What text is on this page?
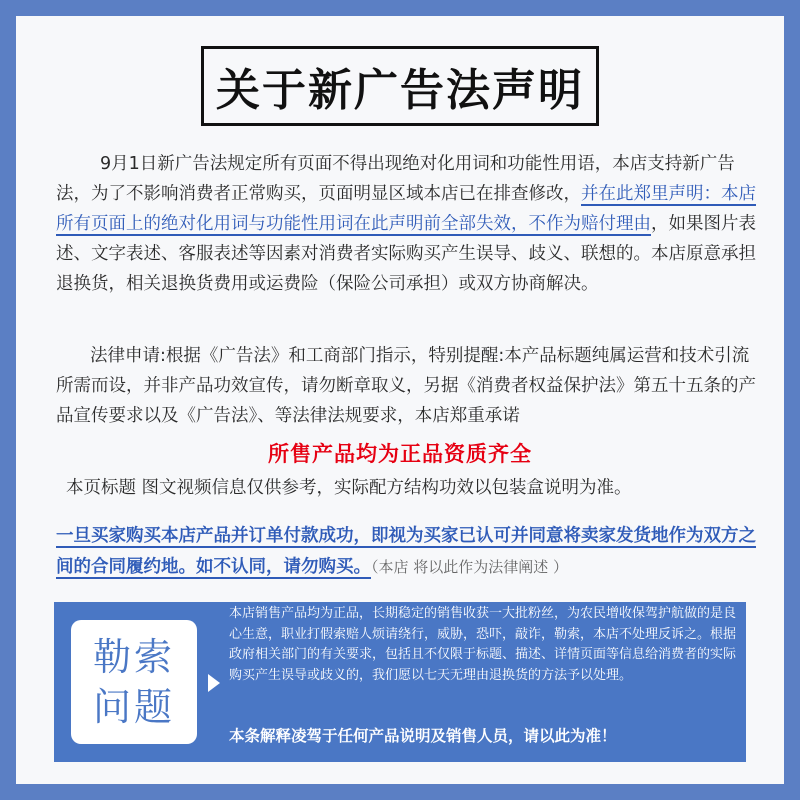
关于新广告法声明
9月1日新广告法规定所有页面不得出现绝对化用词和功能性用语，本店支持新广告法，为了不影响消费者正常购买，页面明显区域本店已在排查修改，并在此郑里声明：本店所有页面上的绝对化用词与功能性用词在此声明前全部失效，不作为赔付理由，如果图片表述、文字表述、客服表述等因素对消费者实际购买产生误导、歧义、联想的。本店原意承担退换货，相关退换货费用或运费险（保险公司承担）或双方协商解决。
法律申请:根据《广告法》和工商部门指示，特别提醒:本产品标题纯属运营和技术引流所需而设，并非产品功效宣传，请勿断章取义，另据《消费者权益保护法》第五十五条的产品宣传要求以及《广告法》、等法律法规要求，本店郑重承诺
所售产品均为正品资质齐全
本页标题 图文视频信息仅供参考，实际配方结构功效以包装盒说明为准。
一旦买家购买本店产品并订单付款成功，即视为买家已认可并同意将卖家发货地作为双方之间的合同履约地。如不认同，请勿购买。（本店 将以此作为法律阐述 ）
勒索
问题
本店销售产品均为正品，长期稳定的销售收获一大批粉丝，为农民增收保驾护航做的是良心生意，职业打假索赔人烦请绕行，威胁，恐吓，敲诈，勒索，本店不处理反诉之。根据政府相关部门的有关要求，包括且不仅限于标题、描述、详情页面等信息给消费者的实际购买产生误导或歧义的，我们愿以七天无理由退换货的方法予以处理。
本条解释凌驾于任何产品说明及销售人员，请以此为准！
